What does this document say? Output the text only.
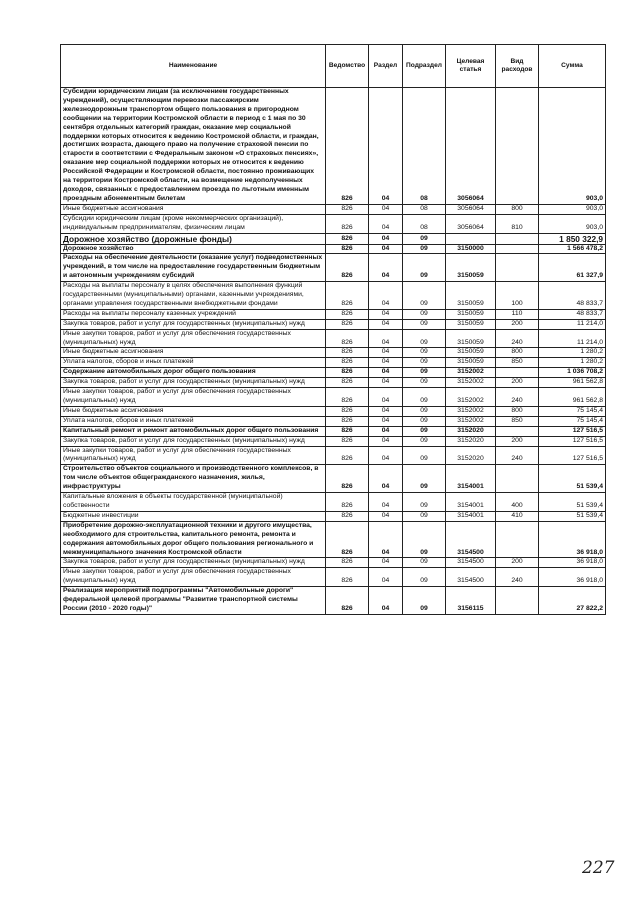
Наименование	Ведомство	Раздел	Подраздел	Целевая статья	Вид расходов	Сумма
Субсидии юридическим лицам (за исключением государственных учреждений), осуществляющим перевозки пассажирским железнодорожным транспортом общего пользования в пригородном сообщении на территории Костромской области в период с 1 мая по 30 сентября отдельных категорий граждан, оказание мер социальной поддержки которых относится к ведению Костромской области, и граждан, достигших возраста, дающего право на получение страховой пенсии по старости в соответствии с Федеральным законом «О страховых пенсиях», оказание мер социальной поддержки которых не относится к ведению Российской Федерации и Костромской области, постоянно проживающих на территории Костромской области, на возмещение недополученных доходов, связанных с предоставлением проезда по льготным именным проездным абонементным билетам	826	04	08	3056064		903,0
Иные бюджетные ассигнования	826	04	08	3056064	800	903,0
Субсидии юридическим лицам (кроме некоммерческих организаций), индивидуальным предпринимателям, физическим лицам	826	04	08	3056064	810	903,0
Дорожное хозяйство (дорожные фонды)	826	04	09			1 850 322,9
Дорожное хозяйство	826	04	09	3150000		1 566 478,2
Расходы на обеспечение деятельности (оказание услуг) подведомственных учреждений, в том числе на предоставление государственным бюджетным и автономным учреждениям субсидий	826	04	09	3150059		61 327,9
Расходы на выплаты персоналу в целях обеспечения выполнения функций государственными (муниципальными) органами, казенными учреждениями, органами управления государственными внебюджетными фондами	826	04	09	3150059	100	48 833,7
Расходы на выплаты персоналу казенных учреждений	826	04	09	3150059	110	48 833,7
Закупка товаров, работ и услуг для государственных (муниципальных) нужд	826	04	09	3150059	200	11 214,0
Иные закупки товаров, работ и услуг для обеспечения государственных (муниципальных) нужд	826	04	09	3150059	240	11 214,0
Иные бюджетные ассигнования	826	04	09	3150059	800	1 280,2
Уплата налогов, сборов и иных платежей	826	04	09	3150059	850	1 280,2
Содержание автомобильных дорог общего пользования	826	04	09	3152002		1 036 708,2
Закупка товаров, работ и услуг для государственных (муниципальных) нужд	826	04	09	3152002	200	961 562,8
Иные закупки товаров, работ и услуг для обеспечения государственных (муниципальных) нужд	826	04	09	3152002	240	961 562,8
Иные бюджетные ассигнования	826	04	09	3152002	800	75 145,4
Уплата налогов, сборов и иных платежей	826	04	09	3152002	850	75 145,4
Капитальный ремонт и ремонт автомобильных дорог общего пользования	826	04	09	3152020		127 516,5
Закупка товаров, работ и услуг для государственных (муниципальных) нужд	826	04	09	3152020	200	127 516,5
Иные закупки товаров, работ и услуг для обеспечения государственных (муниципальных) нужд	826	04	09	3152020	240	127 516,5
Строительство объектов социального и производственного комплексов, в том числе объектов общегражданского назначения, жилья, инфраструктуры	826	04	09	3154001		51 539,4
Капитальные вложения в объекты государственной (муниципальной) собственности	826	04	09	3154001	400	51 539,4
Бюджетные инвестиции	826	04	09	3154001	410	51 539,4
Приобретение дорожно-эксплуатационной техники и другого имущества, необходимого для строительства, капитального ремонта, ремонта и содержания автомобильных дорог общего пользования регионального и межмуниципального значения Костромской области	826	04	09	3154500		36 918,0
Закупка товаров, работ и услуг для государственных (муниципальных) нужд	826	04	09	3154500	200	36 918,0
Иные закупки товаров, работ и услуг для обеспечения государственных (муниципальных) нужд	826	04	09	3154500	240	36 918,0
Реализация мероприятий подпрограммы "Автомобильные дороги" федеральной целевой программы "Развитие транспортной системы России (2010 - 2020 годы)"	826	04	09	3156115		27 822,2
227
